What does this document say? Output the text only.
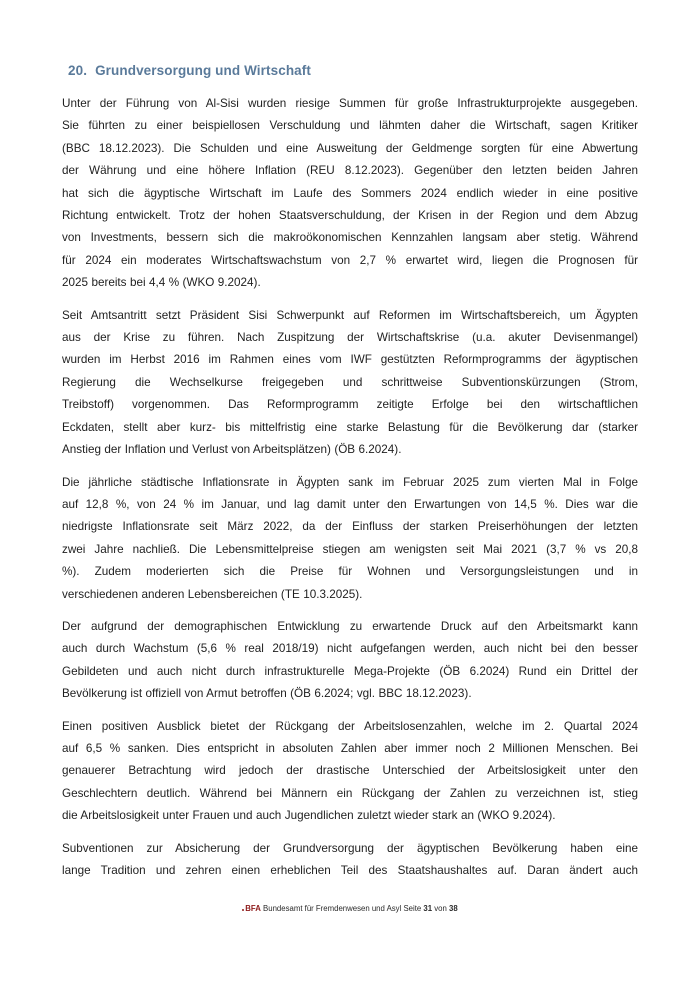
20. Grundversorgung und Wirtschaft
Unter der Führung von Al-Sisi wurden riesige Summen für große Infrastrukturprojekte ausgegeben.
Sie führten zu einer beispiellosen Verschuldung und lähmten daher die Wirtschaft, sagen Kritiker
(BBC 18.12.2023). Die Schulden und eine Ausweitung der Geldmenge sorgten für eine Abwertung
der Währung und eine höhere Inflation (REU 8.12.2023). Gegenüber den letzten beiden Jahren
hat sich die ägyptische Wirtschaft im Laufe des Sommers 2024 endlich wieder in eine positive
Richtung entwickelt. Trotz der hohen Staatsverschuldung, der Krisen in der Region und dem Abzug
von Investments, bessern sich die makroökonomischen Kennzahlen langsam aber stetig. Während
für 2024 ein moderates Wirtschaftswachstum von 2,7 % erwartet wird, liegen die Prognosen für
2025 bereits bei 4,4 % (WKO 9.2024).
Seit Amtsantritt setzt Präsident Sisi Schwerpunkt auf Reformen im Wirtschaftsbereich, um Ägypten
aus der Krise zu führen. Nach Zuspitzung der Wirtschaftskrise (u.a. akuter Devisenmangel)
wurden im Herbst 2016 im Rahmen eines vom IWF gestützten Reformprogramms der ägyptischen
Regierung die Wechselkurse freigegeben und schrittweise Subventionskürzungen (Strom,
Treibstoff) vorgenommen. Das Reformprogramm zeitigte Erfolge bei den wirtschaftlichen
Eckdaten, stellt aber kurz- bis mittelfristig eine starke Belastung für die Bevölkerung dar (starker
Anstieg der Inflation und Verlust von Arbeitsplätzen) (ÖB 6.2024).
Die jährliche städtische Inflationsrate in Ägypten sank im Februar 2025 zum vierten Mal in Folge
auf 12,8 %, von 24 % im Januar, und lag damit unter den Erwartungen von 14,5 %. Dies war die
niedrigste Inflationsrate seit März 2022, da der Einfluss der starken Preiserhöhungen der letzten
zwei Jahre nachließ. Die Lebensmittelpreise stiegen am wenigsten seit Mai 2021 (3,7 % vs 20,8
%). Zudem moderierten sich die Preise für Wohnen und Versorgungsleistungen und in
verschiedenen anderen Lebensbereichen (TE 10.3.2025).
Der aufgrund der demographischen Entwicklung zu erwartende Druck auf den Arbeitsmarkt kann
auch durch Wachstum (5,6 % real 2018/19) nicht aufgefangen werden, auch nicht bei den besser
Gebildeten und auch nicht durch infrastrukturelle Mega-Projekte (ÖB 6.2024) Rund ein Drittel der
Bevölkerung ist offiziell von Armut betroffen (ÖB 6.2024; vgl. BBC 18.12.2023).
Einen positiven Ausblick bietet der Rückgang der Arbeitslosenzahlen, welche im 2. Quartal 2024
auf 6,5 % sanken. Dies entspricht in absoluten Zahlen aber immer noch 2 Millionen Menschen. Bei
genauerer Betrachtung wird jedoch der drastische Unterschied der Arbeitslosigkeit unter den
Geschlechtern deutlich. Während bei Männern ein Rückgang der Zahlen zu verzeichnen ist, stieg
die Arbeitslosigkeit unter Frauen und auch Jugendlichen zuletzt wieder stark an (WKO 9.2024).
Subventionen zur Absicherung der Grundversorgung der ägyptischen Bevölkerung haben eine
lange Tradition und zehren einen erheblichen Teil des Staatshaushaltes auf. Daran ändert auch
BFA Bundesamt für Fremdenwesen und Asyl Seite 31 von 38
